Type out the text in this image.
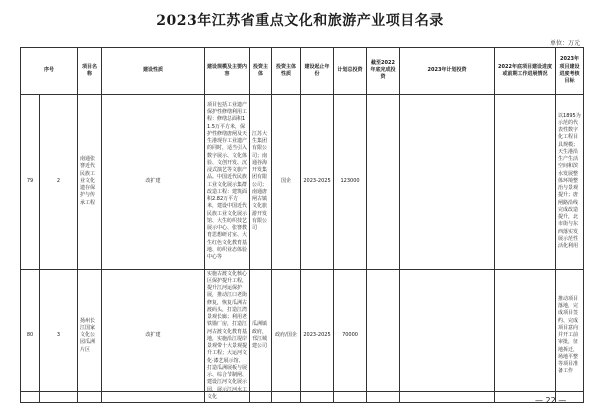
2023年江苏省重点文化和旅游产业项目名录
单位：万元
序号		项目名称	建设性质	建设规模及主要内容	投资主体	投资主体性质	建设起止年份	计划总投资	截至2022年底完成投资	2023年计划投资	2022年底项目建设进度或前期工作进展情况	2023年项目建设进度考核目标	
79	2	南通张謇近代民族工业文化遗存保护与传承工程	改扩建	项目包括工业遗产保护性修缮利用工程：修缮总面积11.5万平方米，保护性修缮唐闸及天生港现存工业遗产的同时，适当引入数字展示、文化体验、文创开发、沉浸式演艺等文旅产品。中国近代民族工业文化展示集群改造工程：建筑面积2.82万平方米，建设中国近代民族工业文化展示馆、大生纺织技艺展示中心、张謇教育思想研讨室、大生红色文化教育基地、纺织业态体验中心等	江苏大生集团有限公司；南通谷海开发集团有限公司；南通唐闸古镇文化旅游开发有限公司	国企	2023-2025	123000				以1895为示范的代表性数字化工程目具规模；天生港沿生产生活空间和滨水发展整体环境整治与景观提升；唐闸路沿线完成改造提升，北市街与东西落实发展示范性活化利用	
80	3	扬州长江国家文化公园瓜洲片区	改扩建	实施古渡文化核心区保护提升工程，提升江河运保护展，推动江口老街修复，恢复瓜洲古渡码头，打造江湾景观长廊；利用老铁锚厂房，打造江河古渡文化教育基地，实施沿江堤岸景观带十大景观提升工程；大运河文化·漆艺展示馆、打造瓜洲展板与展示、综合节制闸、建设江河文化展示园，展示江河水工文化	瓜洲镇政府，邗江城建公司	政府/国企	2023-2025	70000				推动项目落地，完成项目签约、完成项目意向并开工前审批，征地拆迁，场地平整等项目准备工作	
— 22 —
